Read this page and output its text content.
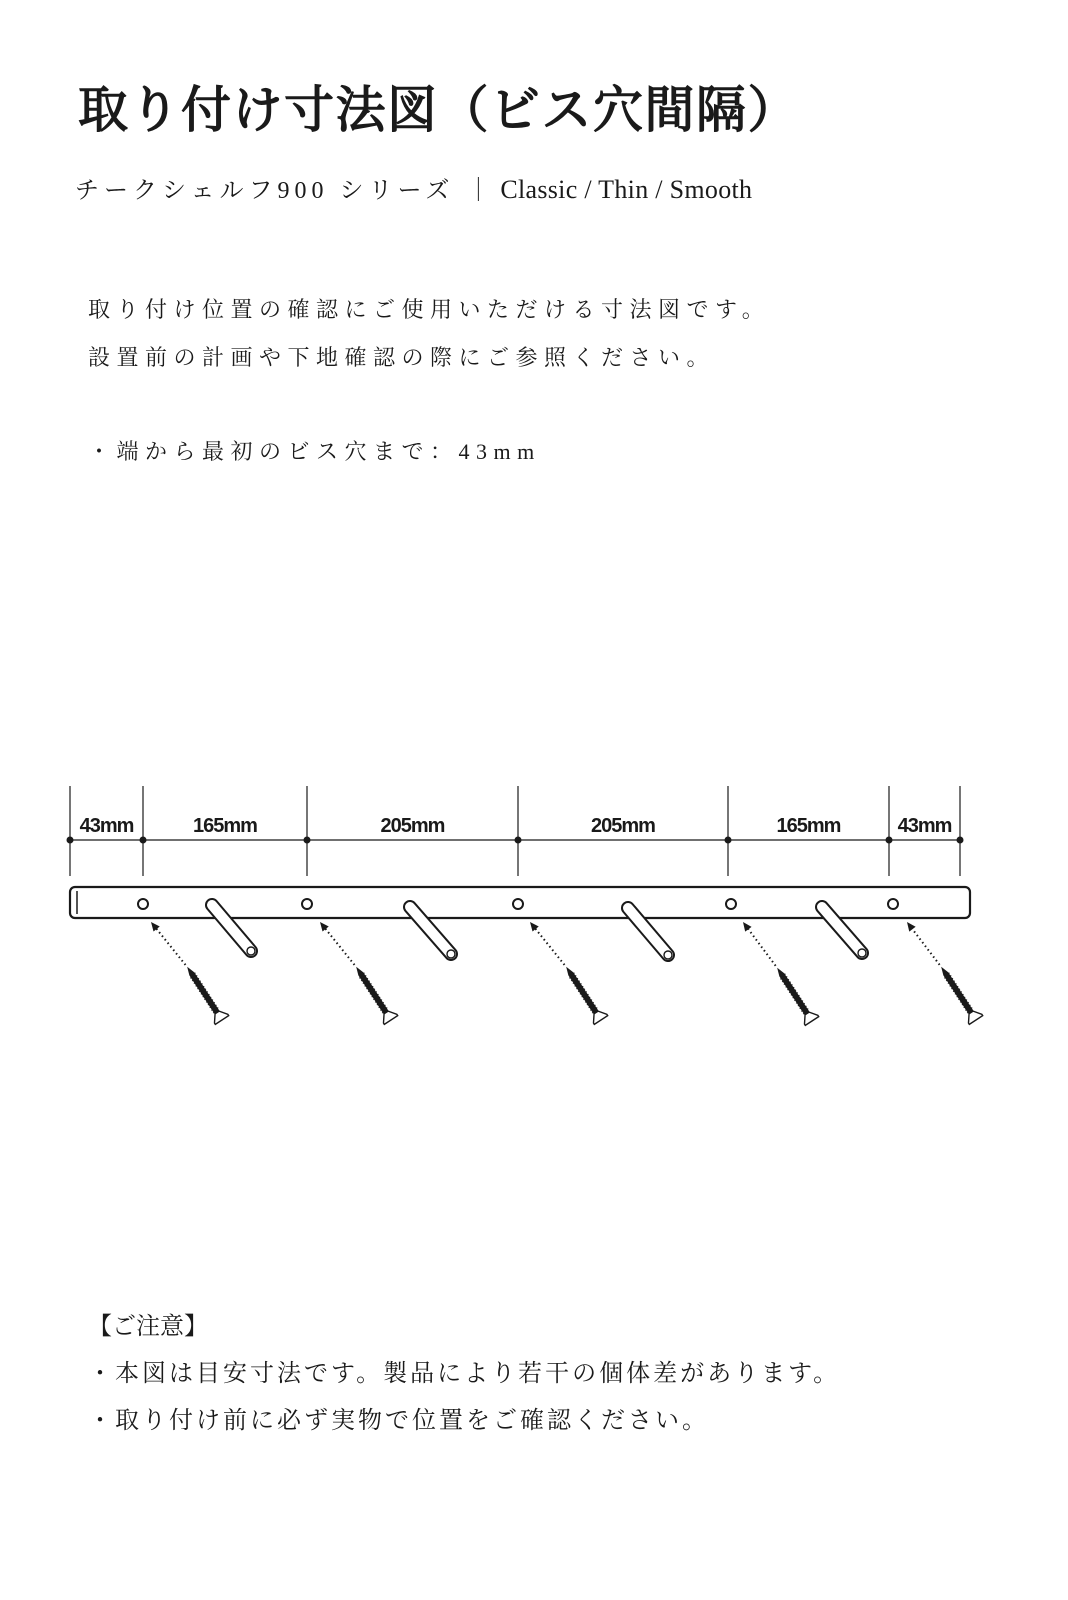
取り付け寸法図（ビス穴間隔）
チークシェルフ900 シリーズ ｜ Classic / Thin / Smooth
取り付け位置の確認にご使用いただける寸法図です。
設置前の計画や下地確認の際にご参照ください。
・端から最初のビス穴まで：43mm
43mm	165mm	205mm	205mm	165mm	43mm
【ご注意】
・本図は目安寸法です。製品により若干の個体差があります。
・取り付け前に必ず実物で位置をご確認ください。
